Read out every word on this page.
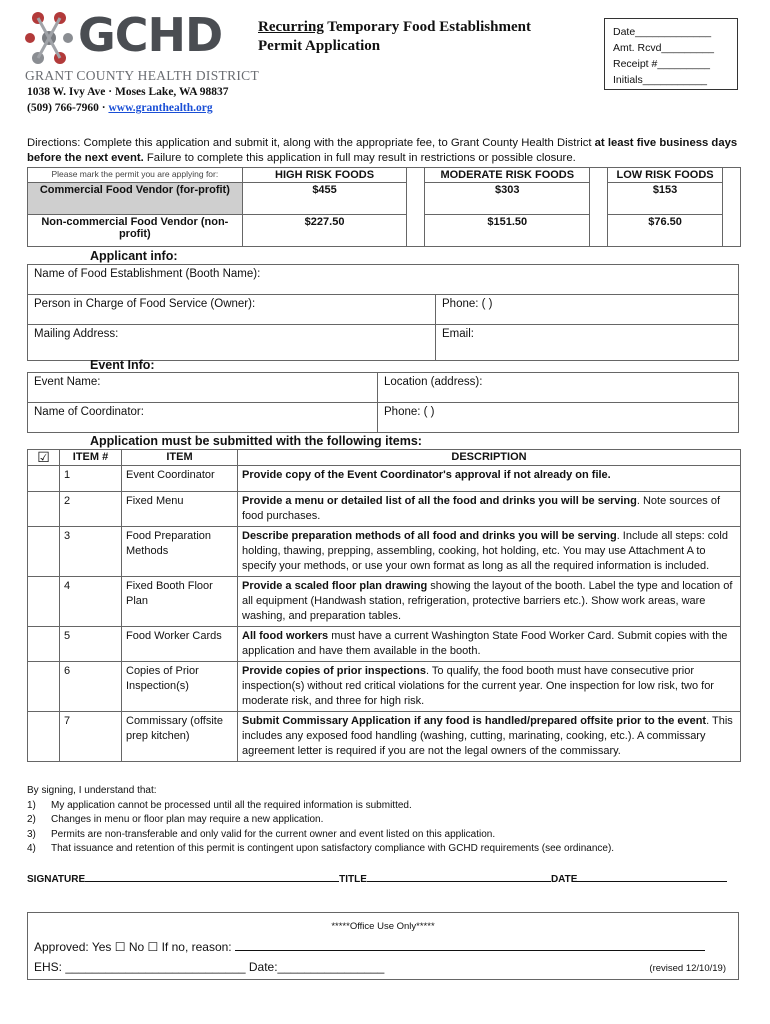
GCHD
GRANT COUNTY HEALTH DISTRICT
1038 W. Ivy Ave · Moses Lake, WA 98837
(509) 766-7960 · www.granthealth.org
Recurring Temporary Food Establishment
Permit Application
Date_____________
Amt. Rcvd_________
Receipt #_________
Initials___________
Directions: Complete this application and submit it, along with the appropriate fee, to Grant County Health District at least five business days before the next event. Failure to complete this application in full may result in restrictions or possible closure.
Please mark the permit you are applying for:	HIGH RISK FOODS		MODERATE RISK FOODS		LOW RISK FOODS	
Commercial Food Vendor (for-profit)	$455		$303		$153	
Non-commercial Food Vendor (non-profit)	$227.50		$151.50		$76.50	
Applicant info:
Name of Food Establishment (Booth Name):	
Person in Charge of Food Service (Owner):	Phone: ( )
Mailing Address:	Email:
Event Info:
Event Name:	Location (address):
Name of Coordinator:	Phone: ( )
Application must be submitted with the following items:
☑	ITEM #	ITEM	DESCRIPTION
	1	Event Coordinator	Provide copy of the Event Coordinator's approval if not already on file.
	2	Fixed Menu	Provide a menu or detailed list of all the food and drinks you will be serving. Note sources of food purchases.
	3	Food Preparation Methods	Describe preparation methods of all food and drinks you will be serving. Include all steps: cold holding, thawing, prepping, assembling, cooking, hot holding, etc. You may use Attachment A to specify your methods, or use your own format as long as all the required information is included.
	4	Fixed Booth Floor Plan	Provide a scaled floor plan drawing showing the layout of the booth. Label the type and location of all equipment (Handwash station, refrigeration, protective barriers etc.). Show work areas, ware washing, and preparation tables.
	5	Food Worker Cards	All food workers must have a current Washington State Food Worker Card. Submit copies with the application and have them available in the booth.
	6	Copies of Prior Inspection(s)	Provide copies of prior inspections. To qualify, the food booth must have consecutive prior inspection(s) without red critical violations for the current year. One inspection for low risk, two for moderate risk, and three for high risk.
	7	Commissary (offsite prep kitchen)	Submit Commissary Application if any food is handled/prepared offsite prior to the event. This includes any exposed food handling (washing, cutting, marinating, cooking, etc.). A commissary agreement letter is required if you are not the legal owners of the commissary.
By signing, I understand that:
1) My application cannot be processed until all the required information is submitted.
2) Changes in menu or floor plan may require a new application.
3) Permits are non-transferable and only valid for the current owner and event listed on this application.
4) That issuance and retention of this permit is contingent upon satisfactory compliance with GCHD requirements (see ordinance).
SIGNATURE	TITLE	DATE
*****Office Use Only*****
Approved: Yes ☐ No ☐ If no, reason:
EHS: ___________________________ Date:________________	(revised 12/10/19)
